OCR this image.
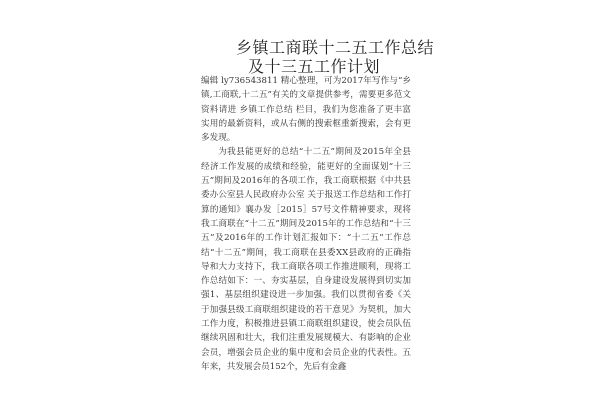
乡镇工商联十二五工作总结
及十三五工作计划

编辑 ly736543811 精心整理，可为2017年写作与“乡镇,工商联,十二五”有关的文章提供参考，需要更多范文资料请进 乡镇工作总结 栏目，我们为您准备了更丰富实用的最新资料，或从右侧的搜索框重新搜索，会有更多发现。

为我县能更好的总结“十二五”期间及2015年全县经济工作发展的成绩和经验，能更好的全面谋划“十三五”期间及2016年的各项工作，我工商联根据《中共县委办公室县人民政府办公室 关于报送工作总结和工作打算的通知》襄办发［2015］57号文件精神要求，现将我工商联在“十二五”期间及2015年的工作总结和“十三五”及2016年的工作计划汇报如下：“十二五”工作总结“十二五”期间，我工商联在县委XX县政府的正确指导和大力支持下，我工商联各项工作推进顺利，现将工作总结如下：一、夯实基层，自身建设发展得到切实加强1、基层组织建设进一步加强。我们以贯彻省委《关于加强县级工商联组织建设的若干意见》为契机，加大工作力度，积极推进县镇工商联组织建设，使会员队伍继续巩固和壮大，我们注重发展规模大、有影响的企业会员，增强会员企业的集中度和会员企业的代表性。五年来，共发展会员152个，先后有金鑫
